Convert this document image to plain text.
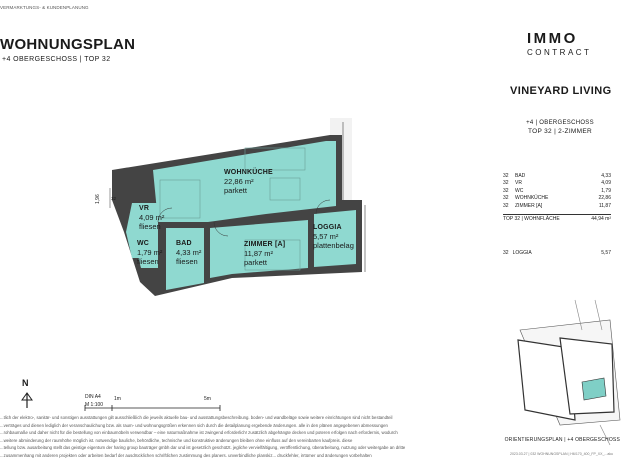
VERMARKTUNGS- & KUNDENPLANUNG
WOHNUNGSPLAN
+4 OBERGESCHOSS | TOP 32
IMMO
CONTRACT
VINEYARD LIVING
+4 | OBERGESCHOSS
TOP 32 | 2-ZIMMER
32	BAD	4,33
32	VR	4,09
32	WC	1,79
32	WOHNKÜCHE	22,86
32	ZIMMER [A]	11,87
TOP 32 | WOHNFLÄCHE	44,94 m²
32 LOGGIA	5,57
WOHNKÜCHE
22,86 m²
parkett
VR
4,09 m²
fliesen
WC
1,79 m²
fliesen
BAD
4,33 m²
fliesen
ZIMMER [A]
11,87 m²
parkett
LOGGIA
5,57 m²
plattenbelag
1,96 32
N
DIN A4
M 1:100
1m	5m
...tlich der elektro-, sanitär- und sonstigen ausstattungen gilt ausschließlich die jeweils aktuelle bau- und ausstattungsbeschreibung. boden- und wandbeläge sowie weitere einrichtungen sind nicht bestandteil
...verträges und dienen lediglich der veranschaulichung bzw. als raum- und wohnungsgrößen erkennen sich durch die detailplanung ergebende änderungen. alle in den plänen angegebenen abmessungen
...rohbaumaße und daher nicht für die bestellung von einbaumöbeln verwendbar – eine naturmaßnahme ist zwingend erforderlich! zusätzlich abgehängte decken und poteren erfolgen nach erfordernis, wodurch
...weitere abminderung der raumhöhe möglich ist. notwendige bauliche, behördliche, technische und konstruktive änderungen bleiben ohne einfluss auf den vereinbarten kaufpreis. diese
...tellung bzw. ausarbeitung stellt das geistige eigentum der haring group bauträger gmbh dar und ist gesetzlich geschützt. jegliche vervielfältigung, veröffentlichung, überarbeitung, nutzung oder weitergabe an dritte
...zusammenhang mit anderen projekten oder arbeiten bedarf der ausdrücklichen schriftlichen zustimmung des planers. unverbindliche planskiz... druckfehler, irrtümer und änderungen vorbehalten
ORIENTIERUNGSPLAN | +4 OBERGESCHOSS
2023.03.27 | 032 WOHNUNGSPLAN | H6/170_400_FP_XX_...aku
